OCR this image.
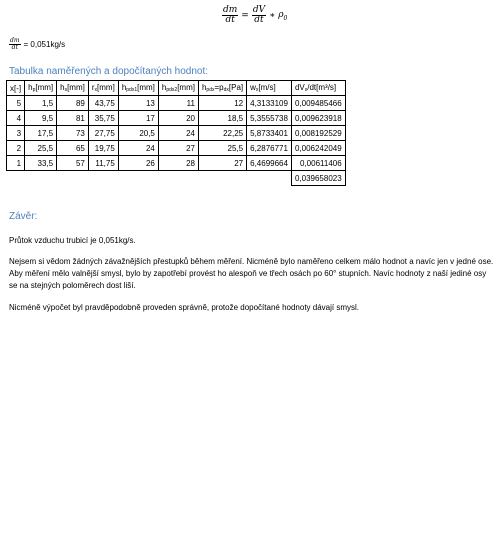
$\frac{dm}{dt} = \frac{dV}{dt}$ ∗ $\rho_0$
$\frac{dm}{dt} = 0,051kg/s$
Tabulka naměřených a dopočítaných hodnot:
x[-]	$h_p[mm]$	$h_s[mm]$	$r_x[mm]$	$h_{pdx1}[mm]$	$h_{pdx2}[mm]$	$h_{pdx}=p_{dx}[Pa]$	$w_x[m/s]$	$dV_x/dt[m^3/s]$
5	1,5	89	43,75	13	11	12	4,3133109	0,009485466
4	9,5	81	35,75	17	20	18,5	5,3555738	0,009623918
3	17,5	73	27,75	20,5	24	22,25	5,8733401	0,008192529
2	25,5	65	19,75	24	27	25,5	6,2876771	0,006242049
1	33,5	57	11,75	26	28	27	6,4699664	0,00611406
								0,039658023
Závěr:
Průtok vzduchu trubicí je 0,051kg/s.
Nejsem si vědom žádných závažnějších přestupků během měření. Nicméně bylo naměřeno celkem málo hodnot a navíc jen v jedné ose. Aby měření mělo valnější smysl, bylo by zapotřebí provést ho alespoň ve třech osách po 60° stupních. Navíc hodnoty z naší jediné osy se na stejných poloměrech dost liší.
Nicméně výpočet byl pravděpodobně proveden správně, protože dopočítané hodnoty dávají smysl.
